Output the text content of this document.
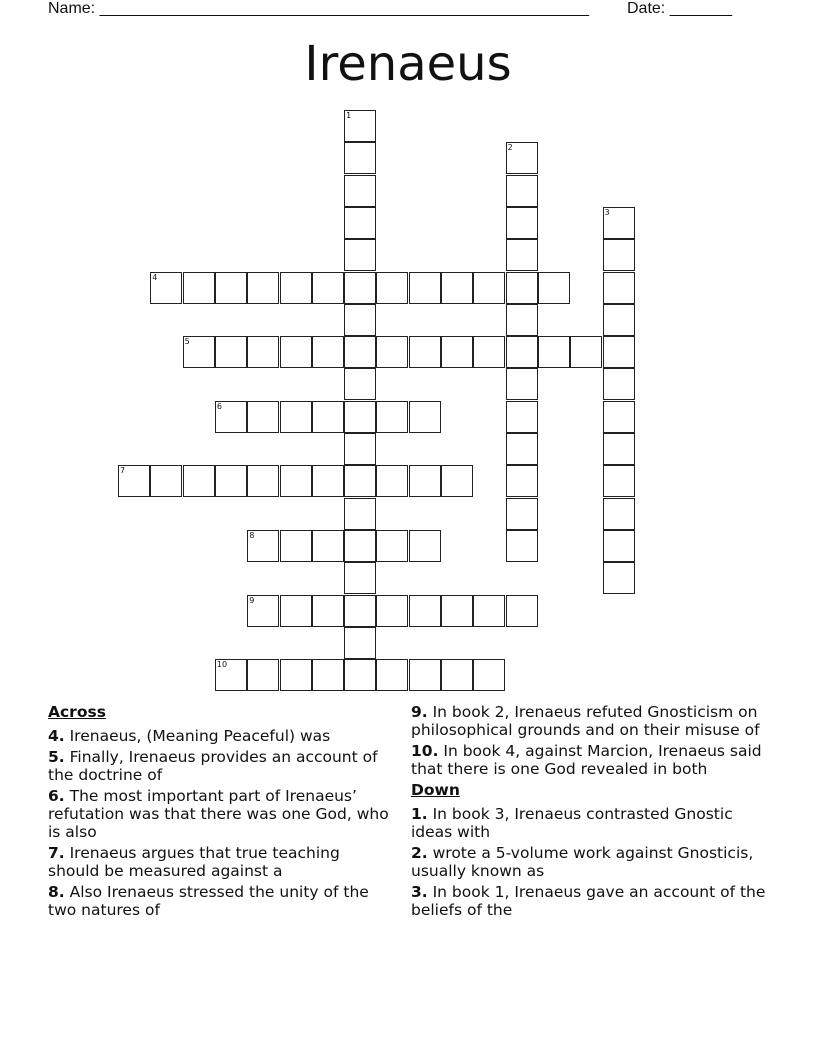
Name: _______________________________________________________ Date: _______
Irenaeus
1
2
3
4
5
6
7
8
9
10
Across
4. Irenaeus, (Meaning Peaceful) was
5. Finally, Irenaeus provides an account of the doctrine of
6. The most important part of Irenaeus’ refutation was that there was one God, who is also
7. Irenaeus argues that true teaching should be measured against a
8. Also Irenaeus stressed the unity of the two natures of
9. In book 2, Irenaeus refuted Gnosticism on philosophical grounds and on their misuse of
10. In book 4, against Marcion, Irenaeus said that there is one God revealed in both
Down
1. In book 3, Irenaeus contrasted Gnostic ideas with
2. wrote a 5-volume work against Gnosticis, usually known as
3. In book 1, Irenaeus gave an account of the beliefs of the
